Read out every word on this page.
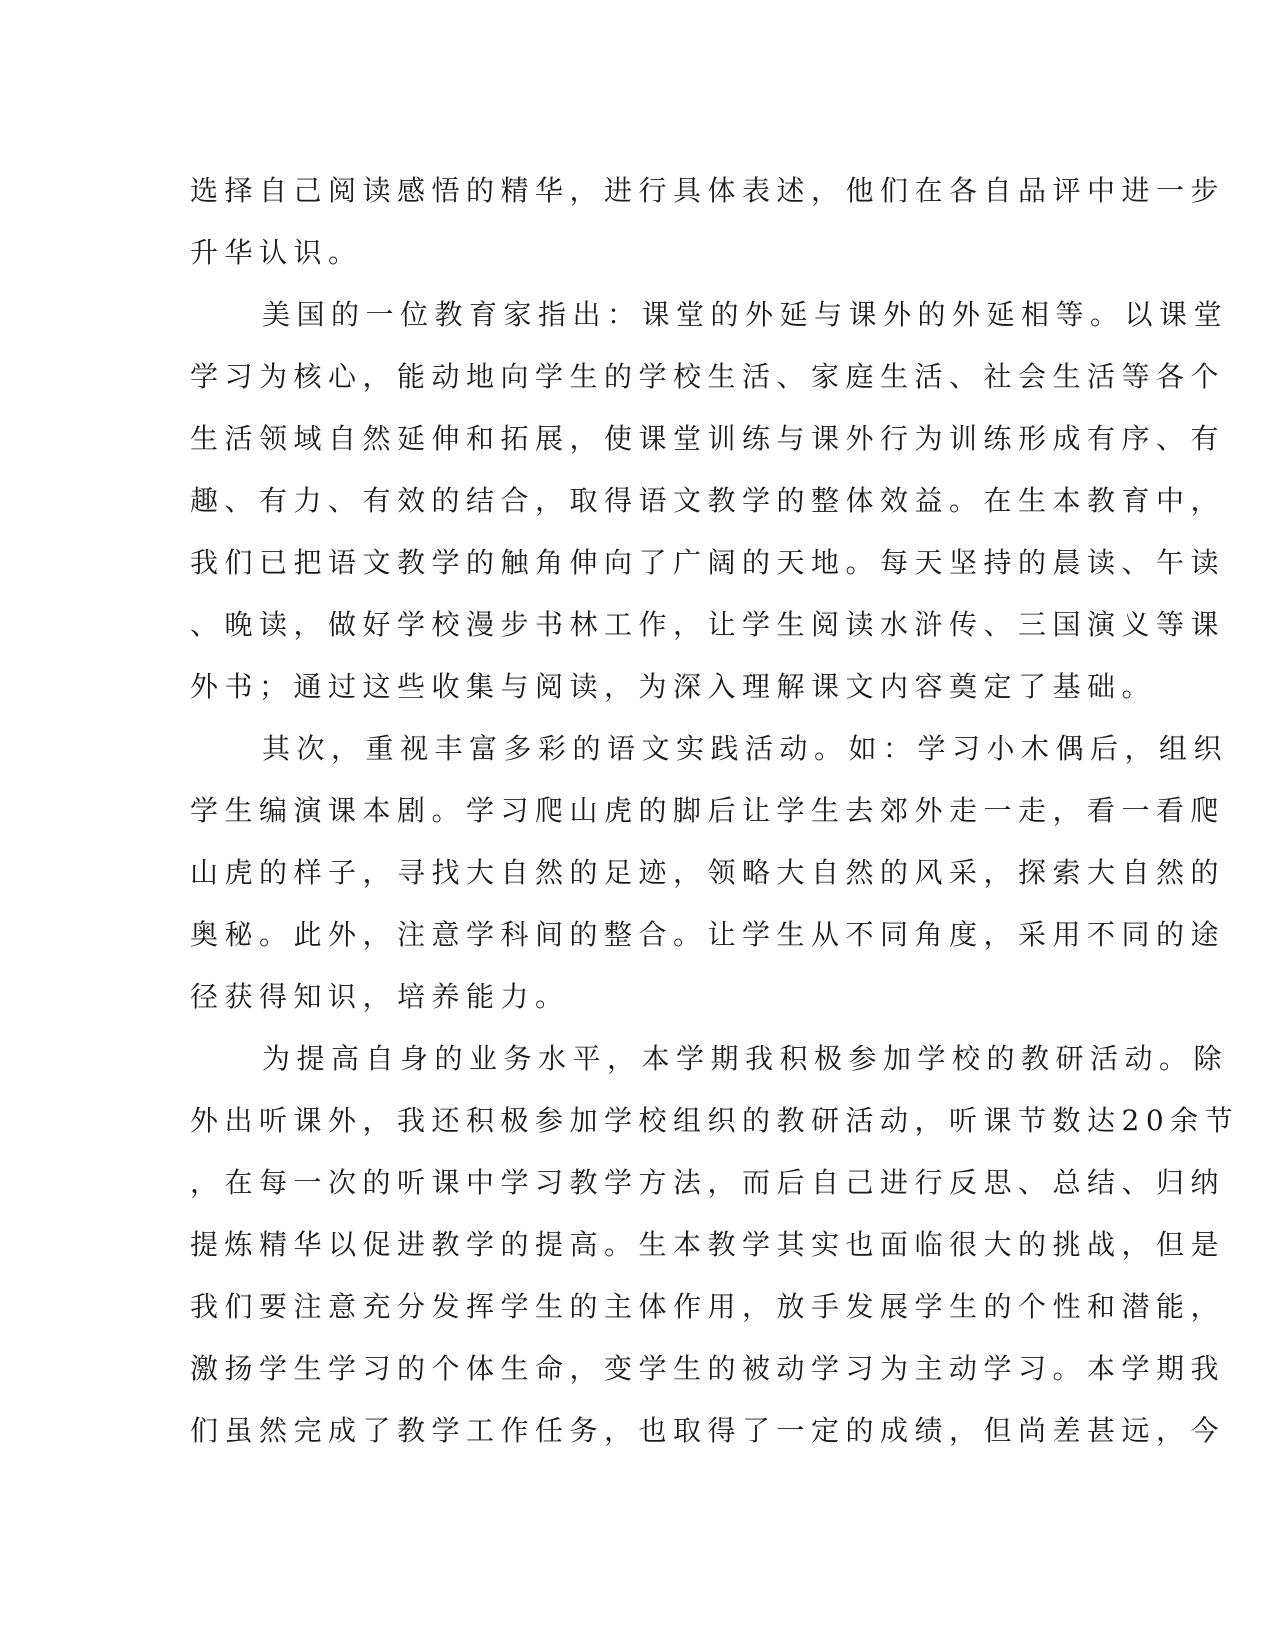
选择自己阅读感悟的精华，进行具体表述，他们在各自品评中进一步
升华认识。
美国的一位教育家指出：课堂的外延与课外的外延相等。以课堂
学习为核心，能动地向学生的学校生活、家庭生活、社会生活等各个
生活领域自然延伸和拓展，使课堂训练与课外行为训练形成有序、有
趣、有力、有效的结合，取得语文教学的整体效益。在生本教育中，
我们已把语文教学的触角伸向了广阔的天地。每天坚持的晨读、午读
、晚读，做好学校漫步书林工作，让学生阅读水浒传、三国演义等课
外书；通过这些收集与阅读，为深入理解课文内容奠定了基础。
其次，重视丰富多彩的语文实践活动。如：学习小木偶后，组织
学生编演课本剧。学习爬山虎的脚后让学生去郊外走一走，看一看爬
山虎的样子，寻找大自然的足迹，领略大自然的风采，探索大自然的
奥秘。此外，注意学科间的整合。让学生从不同角度，采用不同的途
径获得知识，培养能力。
为提高自身的业务水平，本学期我积极参加学校的教研活动。除
外出听课外，我还积极参加学校组织的教研活动，听课节数达20余节
，在每一次的听课中学习教学方法，而后自己进行反思、总结、归纳
提炼精华以促进教学的提高。生本教学其实也面临很大的挑战，但是
我们要注意充分发挥学生的主体作用，放手发展学生的个性和潜能，
激扬学生学习的个体生命，变学生的被动学习为主动学习。本学期我
们虽然完成了教学工作任务，也取得了一定的成绩，但尚差甚远，今
